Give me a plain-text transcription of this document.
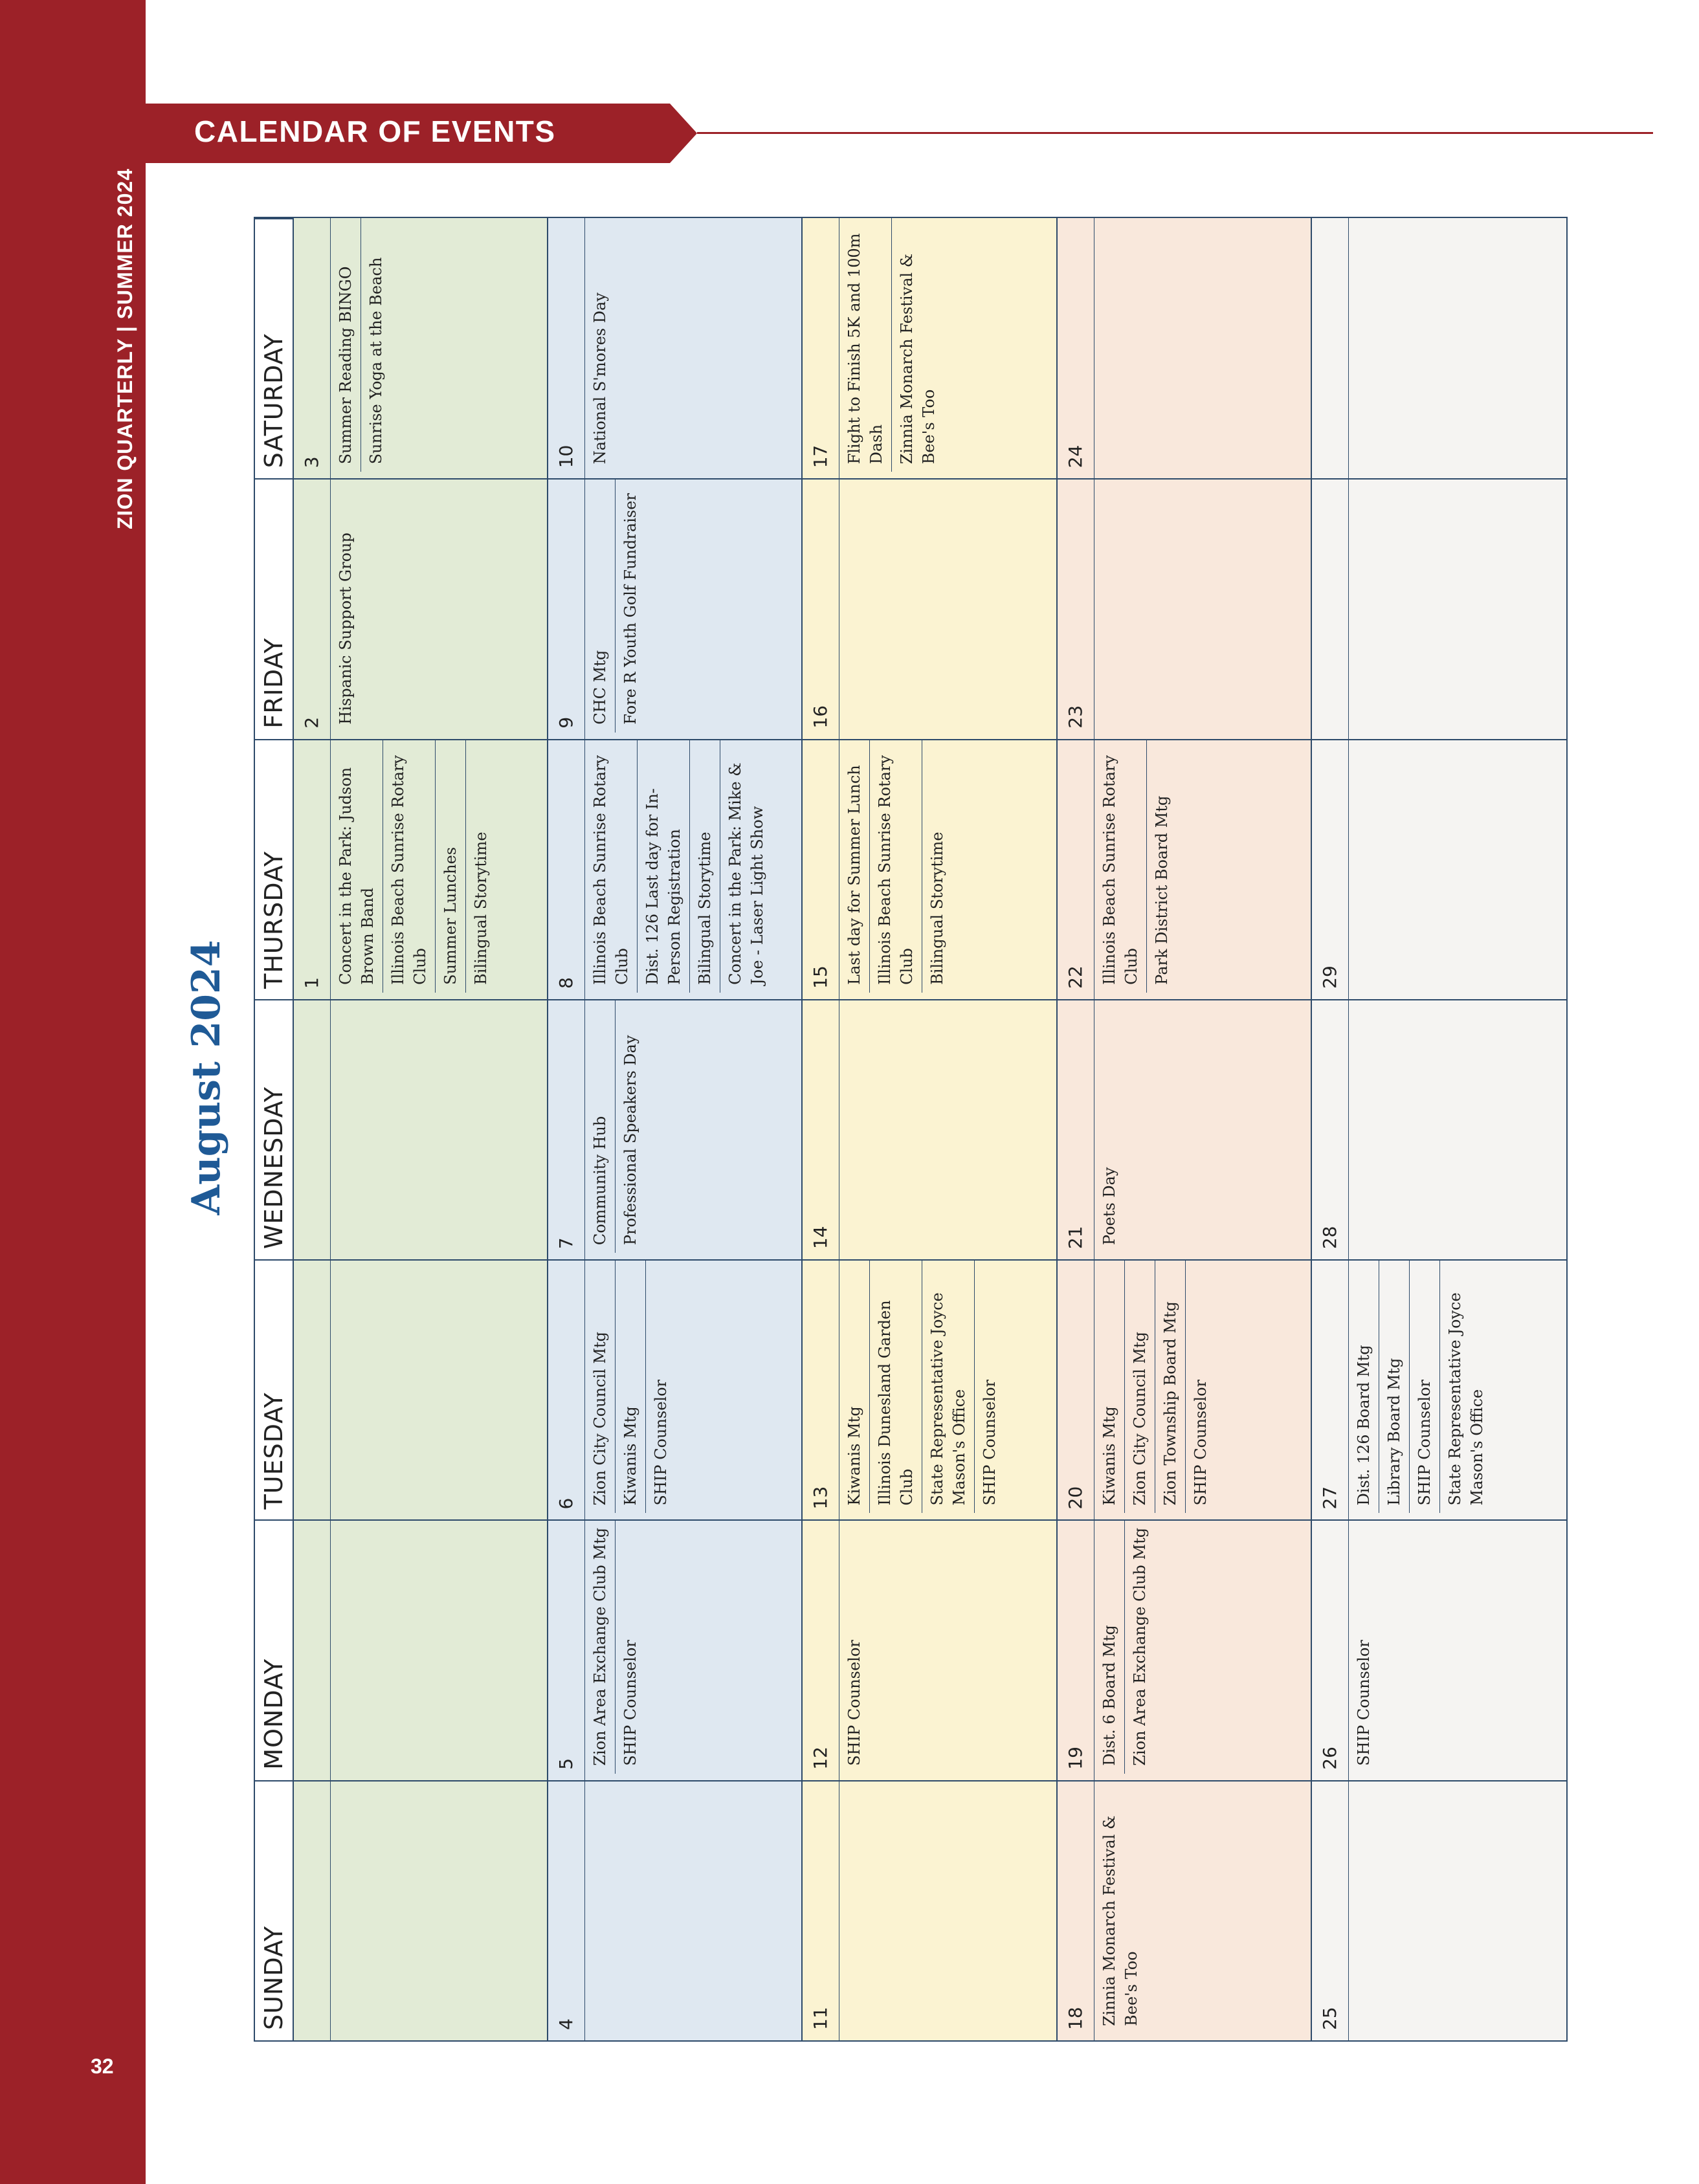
ZION QUARTERLY | SUMMER 2024
32
CALENDAR OF EVENTS
August 2024
SUNDAY
MONDAY
TUESDAY
WEDNESDAY
THURSDAY
FRIDAY
SATURDAY
1 Concert in the Park: Judson Brown Band Illinois Beach Sunrise Rotary Club Summer Lunches Bilingual Storytime
2 Hispanic Support Group
3 Summer Reading BINGO Sunrise Yoga at the Beach
4
5 Zion Area Exchange Club Mtg SHIP Counselor
6 Zion City Council Mtg Kiwanis Mtg SHIP Counselor
7 Community Hub Professional Speakers Day
8 Illinois Beach Sunrise Rotary Club Dist. 126 Last day for In-Person Registration Bilingual Storytime Concert in the Park: Mike & Joe - Laser Light Show
9 CHC Mtg Fore R Youth Golf Fundraiser
10 National S'mores Day
11
12 SHIP Counselor
13 Kiwanis Mtg Illinois Dunesland Garden Club State Representative Joyce Mason's Office SHIP Counselor
14
15 Last day for Summer Lunch Illinois Beach Sunrise Rotary Club Bilingual Storytime
16
17 Flight to Finish 5K and 100m Dash Zinnia Monarch Festival & Bee's Too
18 Zinnia Monarch Festival & Bee's Too
19 Dist. 6 Board Mtg Zion Area Exchange Club Mtg
20 Kiwanis Mtg Zion City Council Mtg Zion Township Board Mtg SHIP Counselor
21 Poets Day
22 Illinois Beach Sunrise Rotary Club Park District Board Mtg
23
24
25
26 SHIP Counselor
27 Dist. 126 Board Mtg Library Board Mtg SHIP Counselor State Representative Joyce Mason's Office
28
29
